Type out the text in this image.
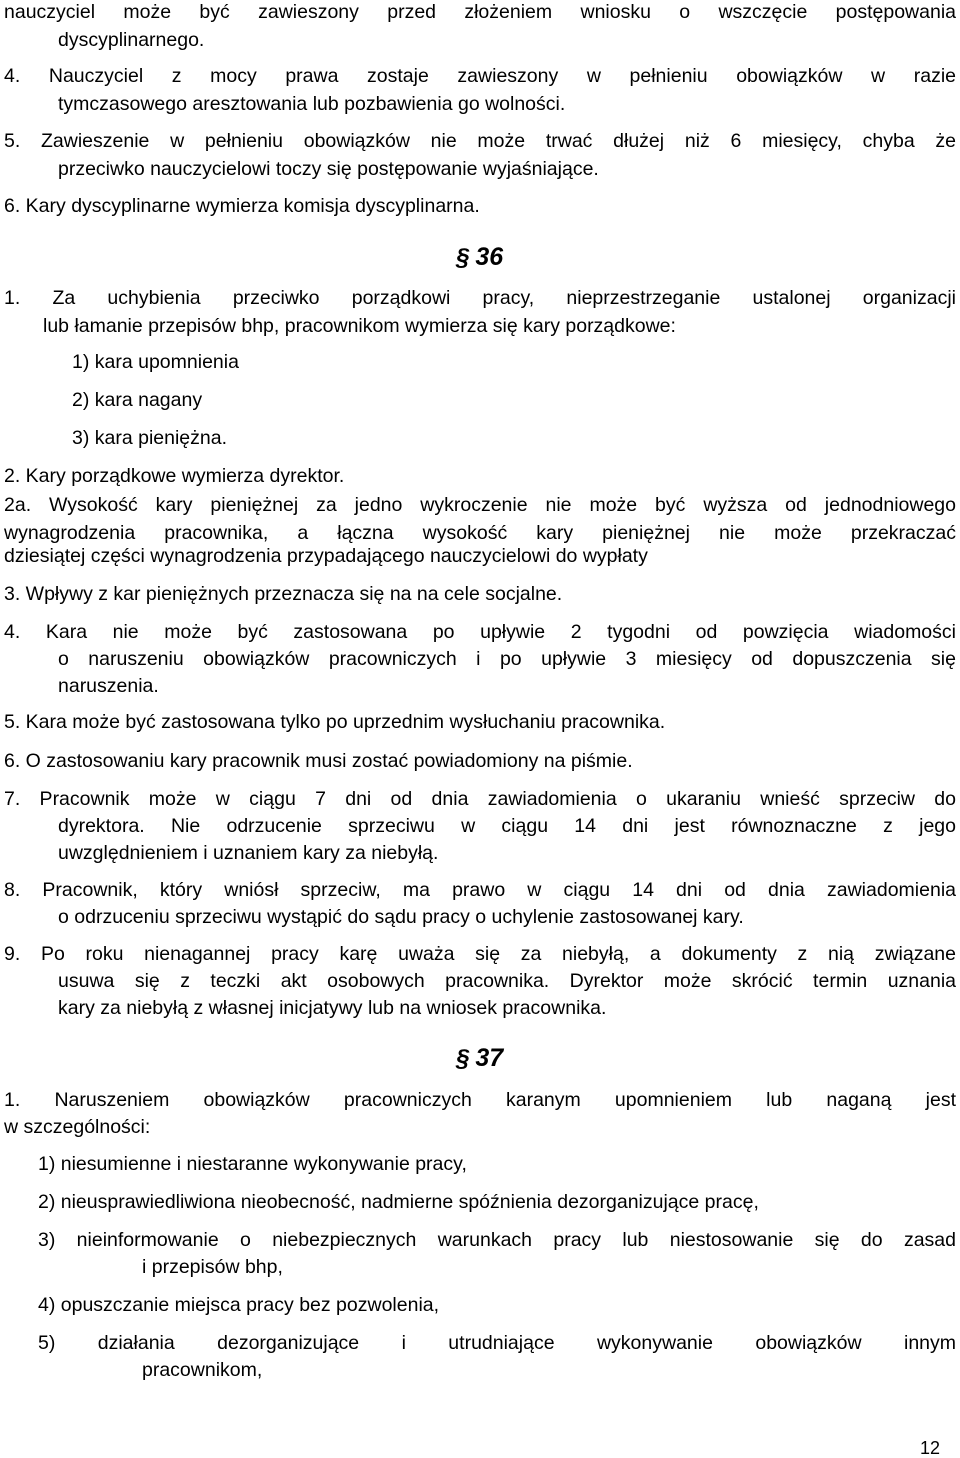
nauczyciel może być zawieszony przed złożeniem wniosku o wszczęcie postępowania
dyscyplinarnego.
4. Nauczyciel z mocy prawa zostaje zawieszony w pełnieniu obowiązków w razie
tymczasowego aresztowania lub pozbawienia go wolności.
5. Zawieszenie w pełnieniu obowiązków nie może trwać dłużej niż 6 miesięcy, chyba że
przeciwko nauczycielowi toczy się postępowanie wyjaśniające.
6. Kary dyscyplinarne wymierza komisja dyscyplinarna.
§ 36
1. Za uchybienia przeciwko porządkowi pracy, nieprzestrzeganie ustalonej organizacji
lub łamanie przepisów bhp, pracownikom wymierza się kary porządkowe:
1) kara upomnienia
2) kara nagany
3) kara pieniężna.
2. Kary porządkowe wymierza dyrektor.
2a. Wysokość kary pieniężnej za jedno wykroczenie nie może być wyższa od jednodniowego
wynagrodzenia pracownika, a łączna wysokość kary pieniężnej nie może przekraczać
dziesiątej części wynagrodzenia przypadającego nauczycielowi do wypłaty
3. Wpływy z kar pieniężnych przeznacza się na na cele socjalne.
4. Kara nie może być zastosowana po upływie 2 tygodni od powzięcia wiadomości
o naruszeniu obowiązków pracowniczych i po upływie 3 miesięcy od dopuszczenia się
naruszenia.
5. Kara może być zastosowana tylko po uprzednim wysłuchaniu pracownika.
6. O zastosowaniu kary pracownik musi zostać powiadomiony na piśmie.
7. Pracownik może w ciągu 7 dni od dnia zawiadomienia o ukaraniu wnieść sprzeciw do
dyrektora. Nie odrzucenie sprzeciwu w ciągu 14 dni jest równoznaczne z jego
uwzględnieniem i uznaniem kary za niebyłą.
8. Pracownik, który wniósł sprzeciw, ma prawo w ciągu 14 dni od dnia zawiadomienia
o odrzuceniu sprzeciwu wystąpić do sądu pracy o uchylenie zastosowanej kary.
9. Po roku nienagannej pracy karę uważa się za niebyłą, a dokumenty z nią związane
usuwa się z teczki akt osobowych pracownika. Dyrektor może skrócić termin uznania
kary za niebyłą z własnej inicjatywy lub na wniosek pracownika.
§ 37
1. Naruszeniem obowiązków pracowniczych karanym upomnieniem lub naganą jest
w szczególności:
1) niesumienne i niestaranne wykonywanie pracy,
2) nieusprawiedliwiona nieobecność, nadmierne spóźnienia dezorganizujące pracę,
3) nieinformowanie o niebezpiecznych warunkach pracy lub niestosowanie się do zasad
i przepisów bhp,
4) opuszczanie miejsca pracy bez pozwolenia,
5) działania dezorganizujące i utrudniające wykonywanie obowiązków innym
pracownikom,
12
